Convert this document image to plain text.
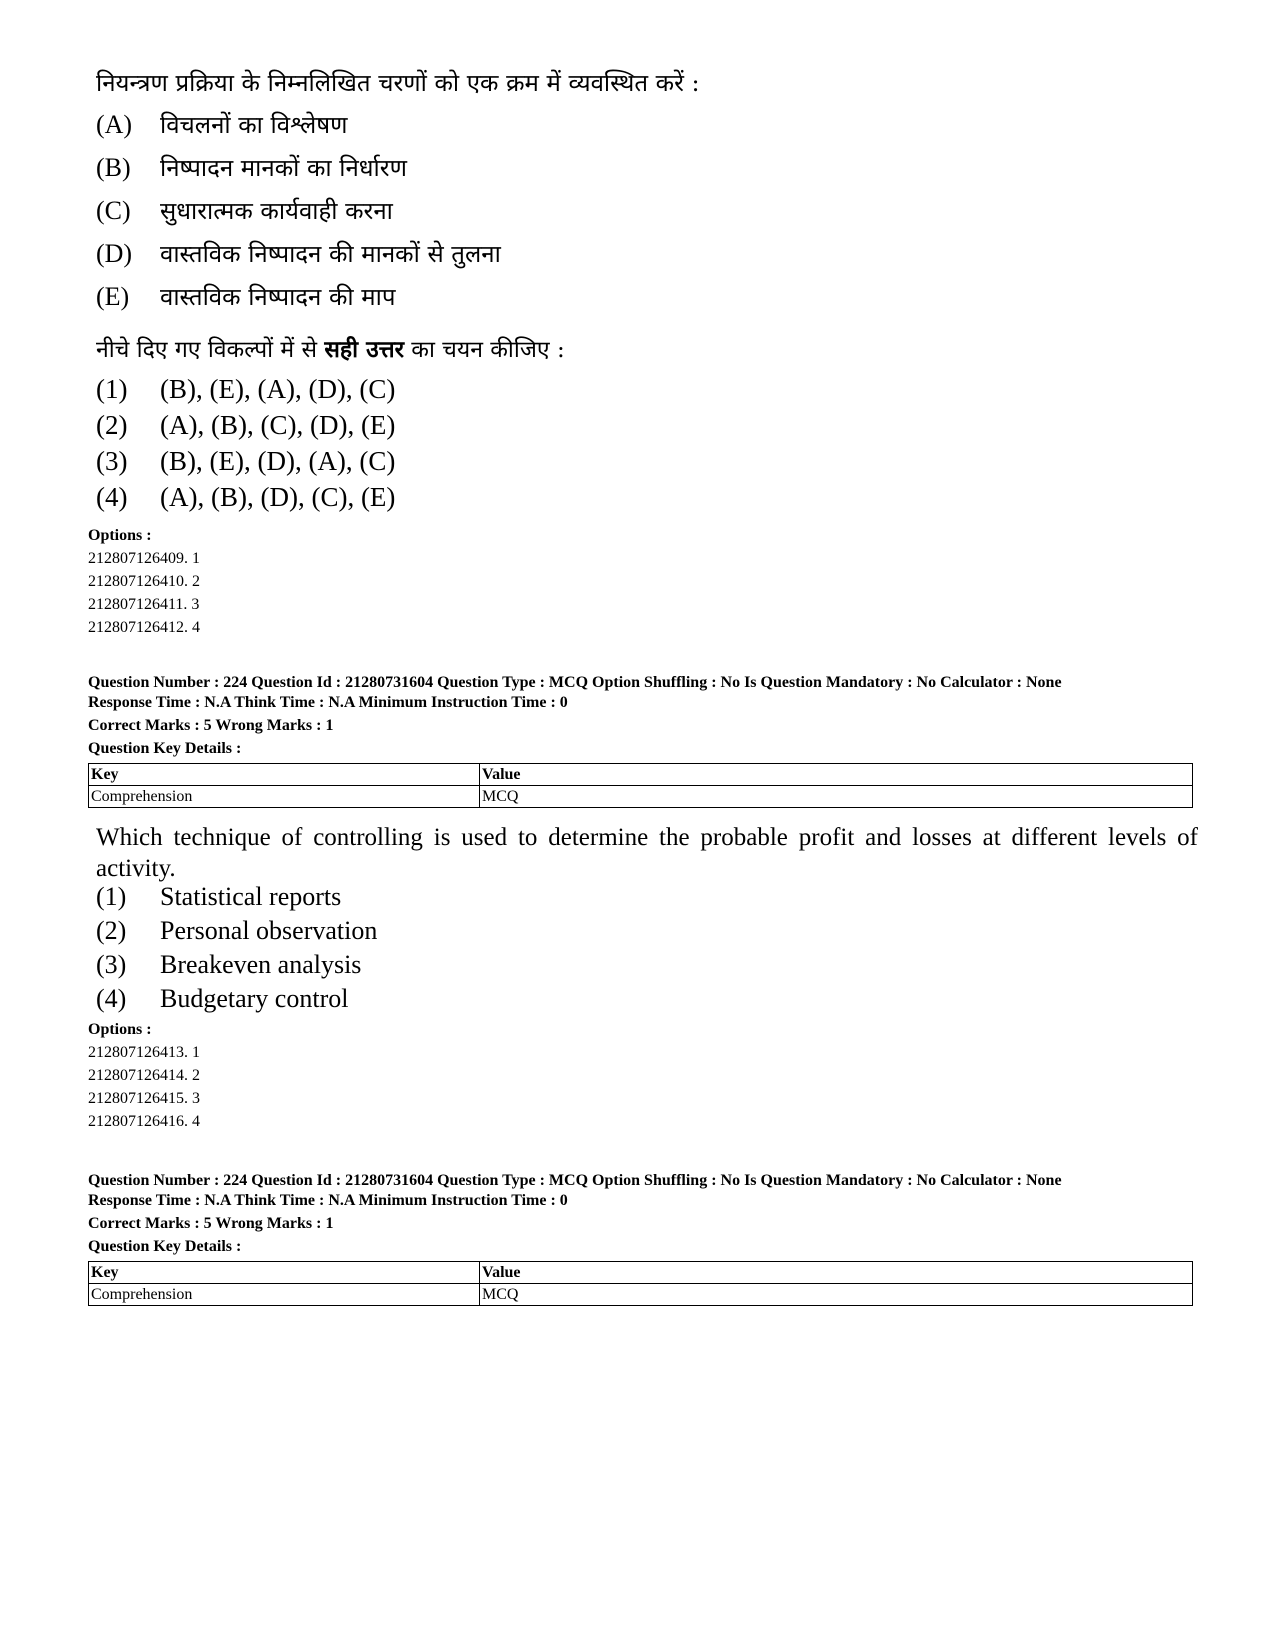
नियन्त्रण प्रक्रिया के निम्नलिखित चरणों को एक क्रम में व्यवस्थित करें :
(A)	विचलनों का विश्लेषण
(B)	निष्पादन मानकों का निर्धारण
(C)	सुधारात्मक कार्यवाही करना
(D)	वास्तविक निष्पादन की मानकों से तुलना
(E)	वास्तविक निष्पादन की माप
नीचे दिए गए विकल्पों में से सही उत्तर का चयन कीजिए :
(1)	(B), (E), (A), (D), (C)
(2)	(A), (B), (C), (D), (E)
(3)	(B), (E), (D), (A), (C)
(4)	(A), (B), (D), (C), (E)
Options :
212807126409. 1
212807126410. 2
212807126411. 3
212807126412. 4
Question Number : 224 Question Id : 21280731604 Question Type : MCQ Option Shuffling : No Is Question Mandatory : No Calculator : None
Response Time : N.A Think Time : N.A Minimum Instruction Time : 0
Correct Marks : 5 Wrong Marks : 1
Question Key Details :
Key	Value
Comprehension	MCQ
Which technique of controlling is used to determine the probable profit and losses at different levels of activity.
(1)	Statistical reports
(2)	Personal observation
(3)	Breakeven analysis
(4)	Budgetary control
Options :
212807126413. 1
212807126414. 2
212807126415. 3
212807126416. 4
Question Number : 224 Question Id : 21280731604 Question Type : MCQ Option Shuffling : No Is Question Mandatory : No Calculator : None
Response Time : N.A Think Time : N.A Minimum Instruction Time : 0
Correct Marks : 5 Wrong Marks : 1
Question Key Details :
Key	Value
Comprehension	MCQ
